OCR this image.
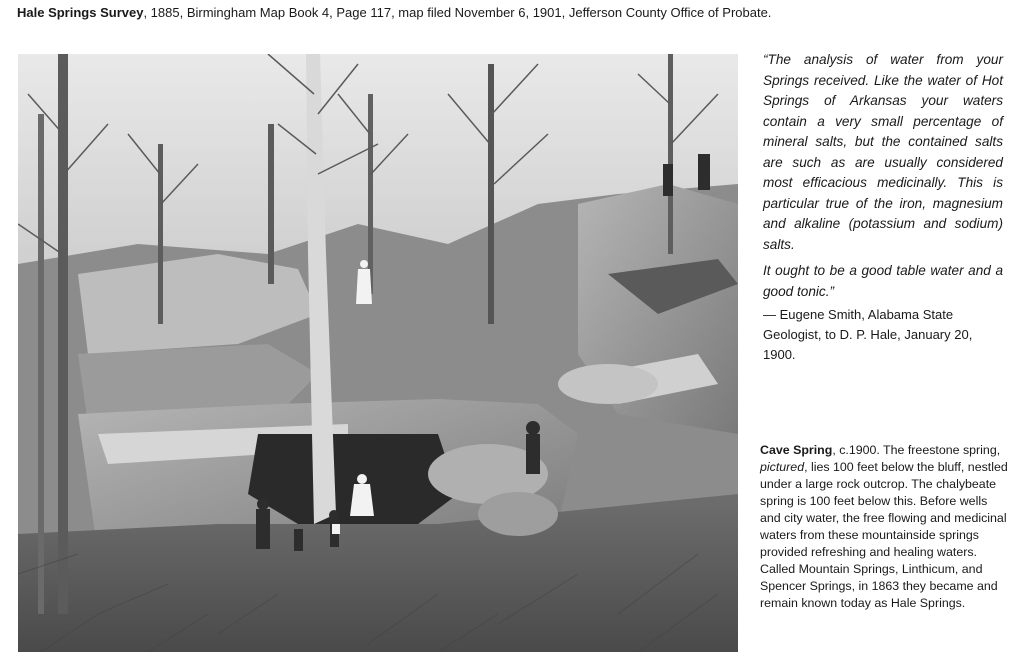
Hale Springs Survey, 1885, Birmingham Map Book 4, Page 117, map filed November 6, 1901, Jefferson County Office of Probate.

“The analysis of water from your Springs received. Like the water of Hot Springs of Arkansas your waters contain a very small percentage of mineral salts, but the contained salts are such as are usually considered most efficacious medicinally. This is particular true of the iron, magnesium and alkaline (potassium and sodium) salts.

It ought to be a good table water and a good tonic.”

— Eugene Smith, Alabama State Geologist, to D. P. Hale, January 20, 1900.
Cave Spring, c.1900. The freestone spring, pictured, lies 100 feet below the bluff, nestled under a large rock outcrop. The chalybeate spring is 100 feet below this. Before wells and city water, the free flowing and medicinal waters from these mountainside springs provided refreshing and healing waters. Called Mountain Springs, Linthicum, and Spencer Springs, in 1863 they became and remain known today as Hale Springs.
